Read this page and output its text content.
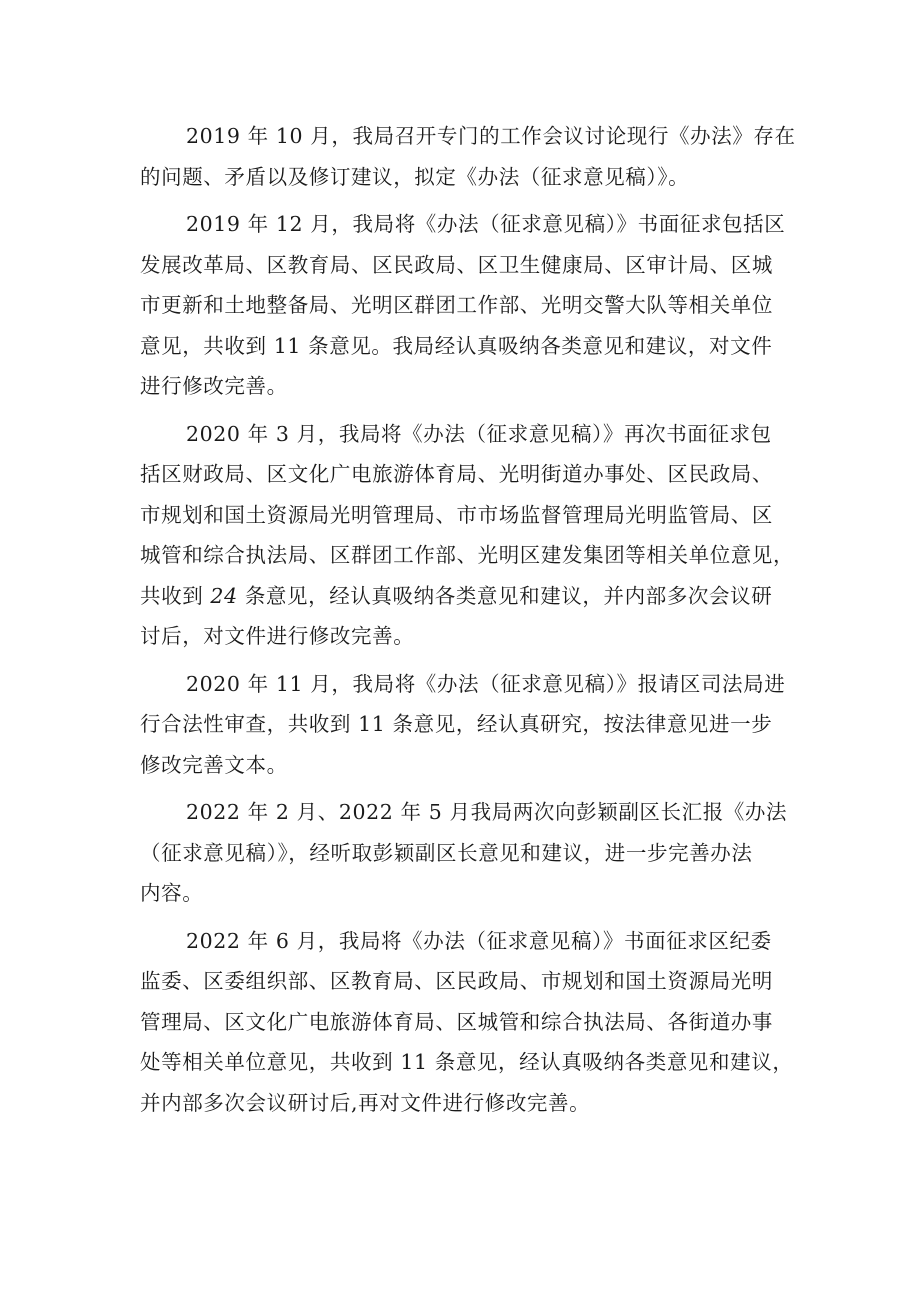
2019 年 10 月，我局召开专门的工作会议讨论现行《办法》存在
的问题、矛盾以及修订建议，拟定《办法（征求意见稿）》。
2019 年 12 月，我局将《办法（征求意见稿）》书面征求包括区
发展改革局、区教育局、区民政局、区卫生健康局、区审计局、区城
市更新和土地整备局、光明区群团工作部、光明交警大队等相关单位
意见，共收到 11 条意见。我局经认真吸纳各类意见和建议，对文件
进行修改完善。
2020 年 3 月，我局将《办法（征求意见稿）》再次书面征求包
括区财政局、区文化广电旅游体育局、光明街道办事处、区民政局、
市规划和国土资源局光明管理局、市市场监督管理局光明监管局、区
城管和综合执法局、区群团工作部、光明区建发集团等相关单位意见，
共收到 24 条意见，经认真吸纳各类意见和建议，并内部多次会议研
讨后，对文件进行修改完善。
2020 年 11 月，我局将《办法（征求意见稿）》报请区司法局进
行合法性审查，共收到 11 条意见，经认真研究，按法律意见进一步
修改完善文本。
2022 年 2 月、2022 年 5 月我局两次向彭颖副区长汇报《办法
（征求意见稿）》，经听取彭颖副区长意见和建议，进一步完善办法
内容。
2022 年 6 月，我局将《办法（征求意见稿）》书面征求区纪委
监委、区委组织部、区教育局、区民政局、市规划和国土资源局光明
管理局、区文化广电旅游体育局、区城管和综合执法局、各街道办事
处等相关单位意见，共收到 11 条意见，经认真吸纳各类意见和建议，
并内部多次会议研讨后,再对文件进行修改完善。
